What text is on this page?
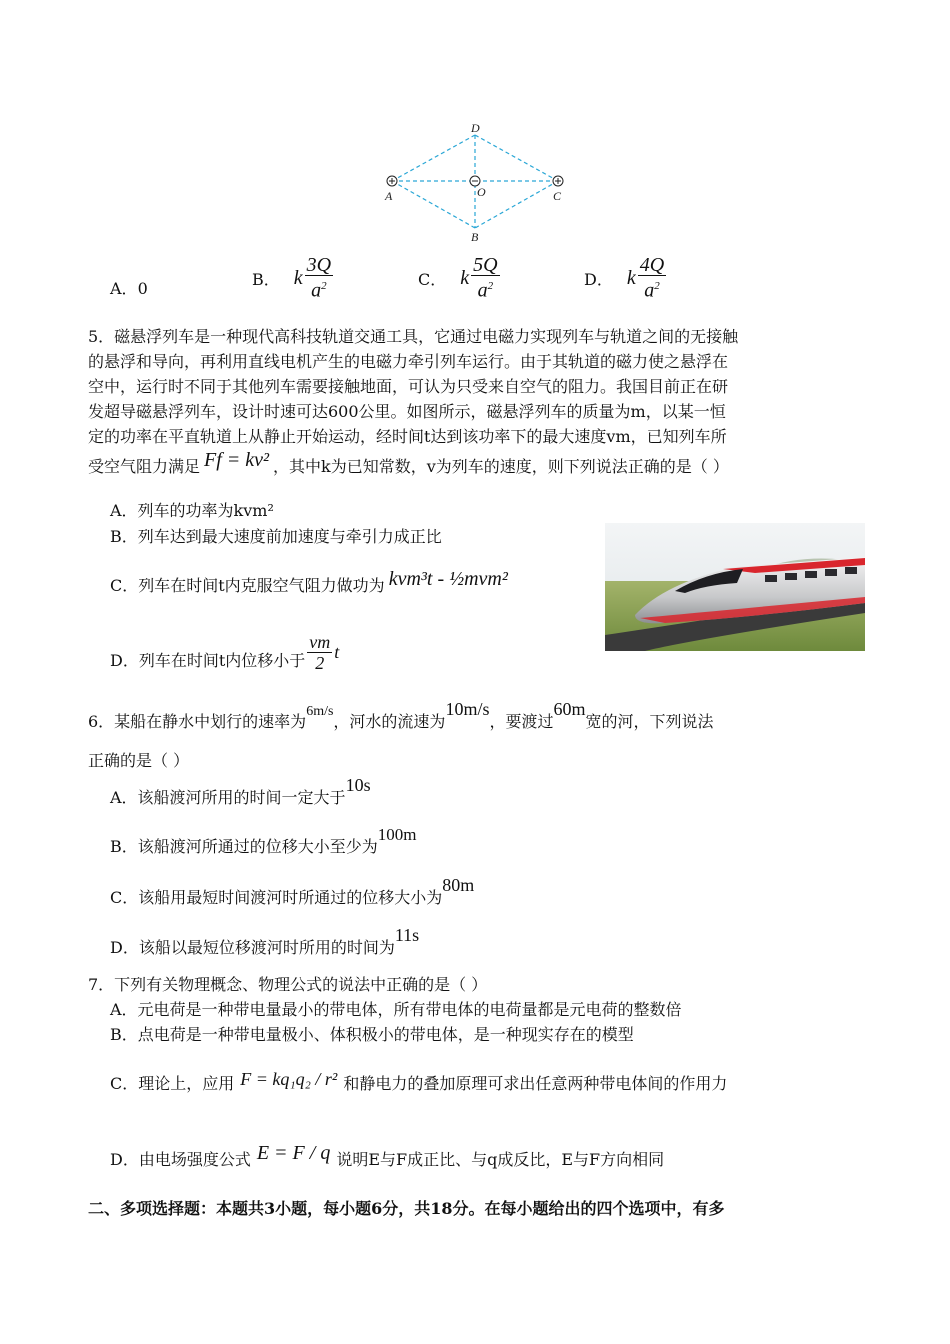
D
A	O	C
B
A．0	B． k $\frac{3Q}{a^2}$	C． k $\frac{5Q}{a^2}$	D． k $\frac{4Q}{a^2}$
5．磁悬浮列车是一种现代高科技轨道交通工具，它通过电磁力实现列车与轨道之间的无接触
的悬浮和导向，再利用直线电机产生的电磁力牵引列车运行。由于其轨道的磁力使之悬浮在
空中，运行时不同于其他列车需要接触地面，可认为只受来自空气的阻力。我国目前正在研
发超导磁悬浮列车，设计时速可达600公里。如图所示，磁悬浮列车的质量为m，以某一恒
定的功率在平直轨道上从静止开始运动，经时间t达到该功率下的最大速度vm，已知列车所
受空气阻力满足 Ff = kv² ，其中k为已知常数，v为列车的速度，则下列说法正确的是（ ）
A．列车的功率为kvm²
B．列车达到最大速度前加速度与牵引力成正比
C．列车在时间t内克服空气阻力做功为 kvm³t - ½mvm²
D．列车在时间t内位移小于 $\frac{vm}{2}$ t
6．某船在静水中划行的速率为6m/s，河水的流速为10m/s，要渡过60m宽的河，下列说法
正确的是（ ）
A．该船渡河所用的时间一定大于10s
B．该船渡河所通过的位移大小至少为100m
C．该船用最短时间渡河时所通过的位移大小为80m
D．该船以最短位移渡河时所用的时间为11s
7．下列有关物理概念、物理公式的说法中正确的是（ ）
A．元电荷是一种带电量最小的带电体，所有带电体的电荷量都是元电荷的整数倍
B．点电荷是一种带电量极小、体积极小的带电体，是一种现实存在的模型
C．理论上，应用 F = kq₁q₂ / r² 和静电力的叠加原理可求出任意两种带电体间的作用力
D．由电场强度公式 E = F / q 说明E与F成正比、与q成反比，E与F方向相同
二、多项选择题：本题共3小题，每小题6分，共18分。在每小题给出的四个选项中，有多
